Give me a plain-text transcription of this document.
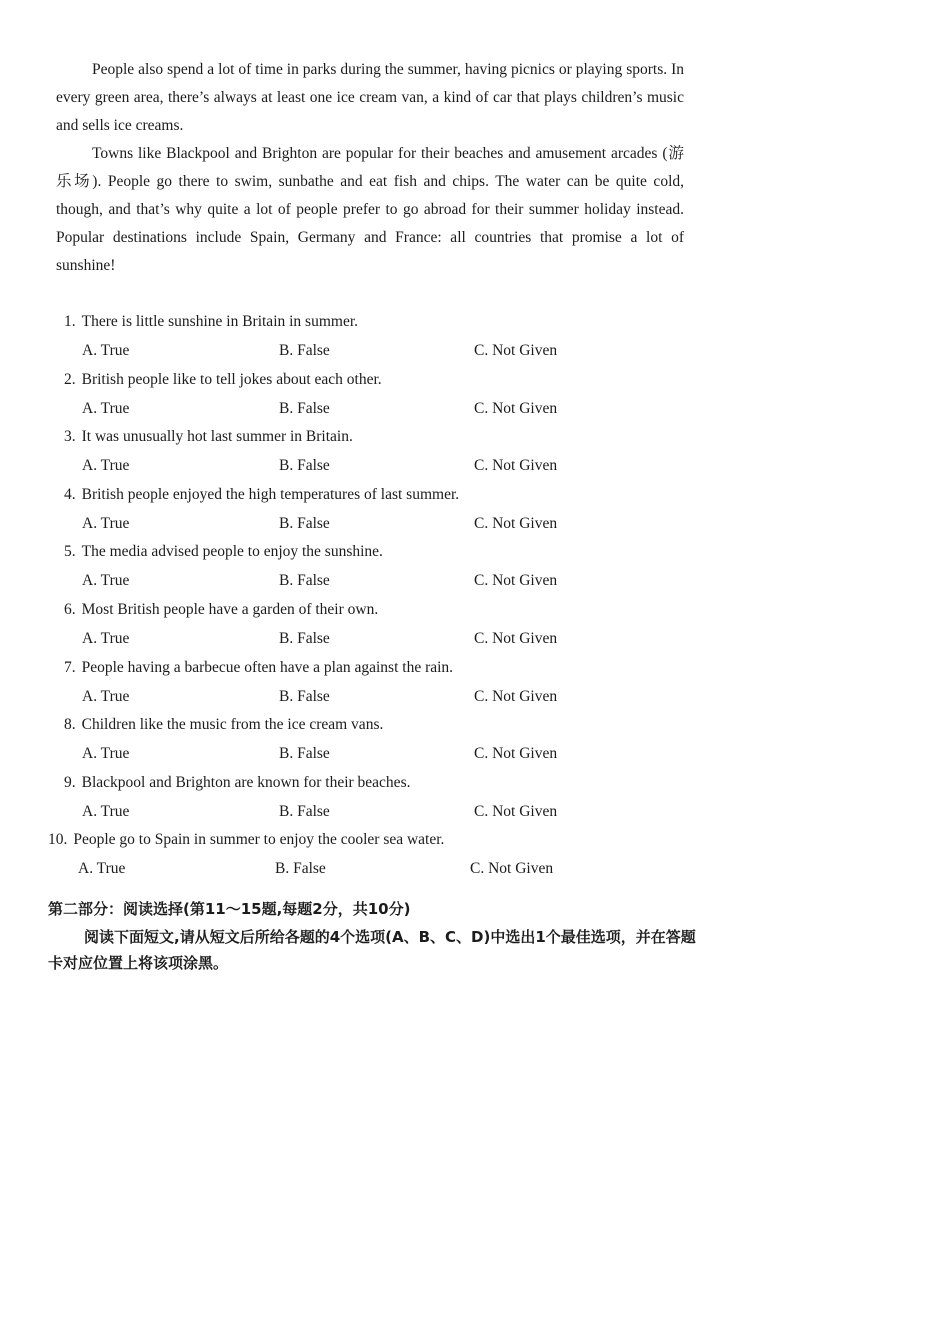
People also spend a lot of time in parks during the summer, having picnics or playing sports. In every green area, there’s always at least one ice cream van, a kind of car that plays children’s music and sells ice creams.

Towns like Blackpool and Brighton are popular for their beaches and amusement arcades (游乐场). People go there to swim, sunbathe and eat fish and chips. The water can be quite cold, though, and that’s why quite a lot of people prefer to go abroad for their summer holiday instead. Popular destinations include Spain, Germany and France: all countries that promise a lot of sunshine!

1. There is little sunshine in Britain in summer.
A. True	B. False	C. Not Given
2. British people like to tell jokes about each other.
A. True	B. False	C. Not Given
3. It was unusually hot last summer in Britain.
A. True	B. False	C. Not Given
4. British people enjoyed the high temperatures of last summer.
A. True	B. False	C. Not Given
5. The media advised people to enjoy the sunshine.
A. True	B. False	C. Not Given
6. Most British people have a garden of their own.
A. True	B. False	C. Not Given
7. People having a barbecue often have a plan against the rain.
A. True	B. False	C. Not Given
8. Children like the music from the ice cream vans.
A. True	B. False	C. Not Given
9. Blackpool and Brighton are known for their beaches.
A. True	B. False	C. Not Given
10. People go to Spain in summer to enjoy the cooler sea water.
A. True	B. False	C. Not Given
第二部分：阅读选择(第11～15题,每题2分，共10分)

阅读下面短文,请从短文后所给各题的4个选项(A、B、C、D)中选出1个最佳选项，并在答题卡对应位置上将该项涂黑。
